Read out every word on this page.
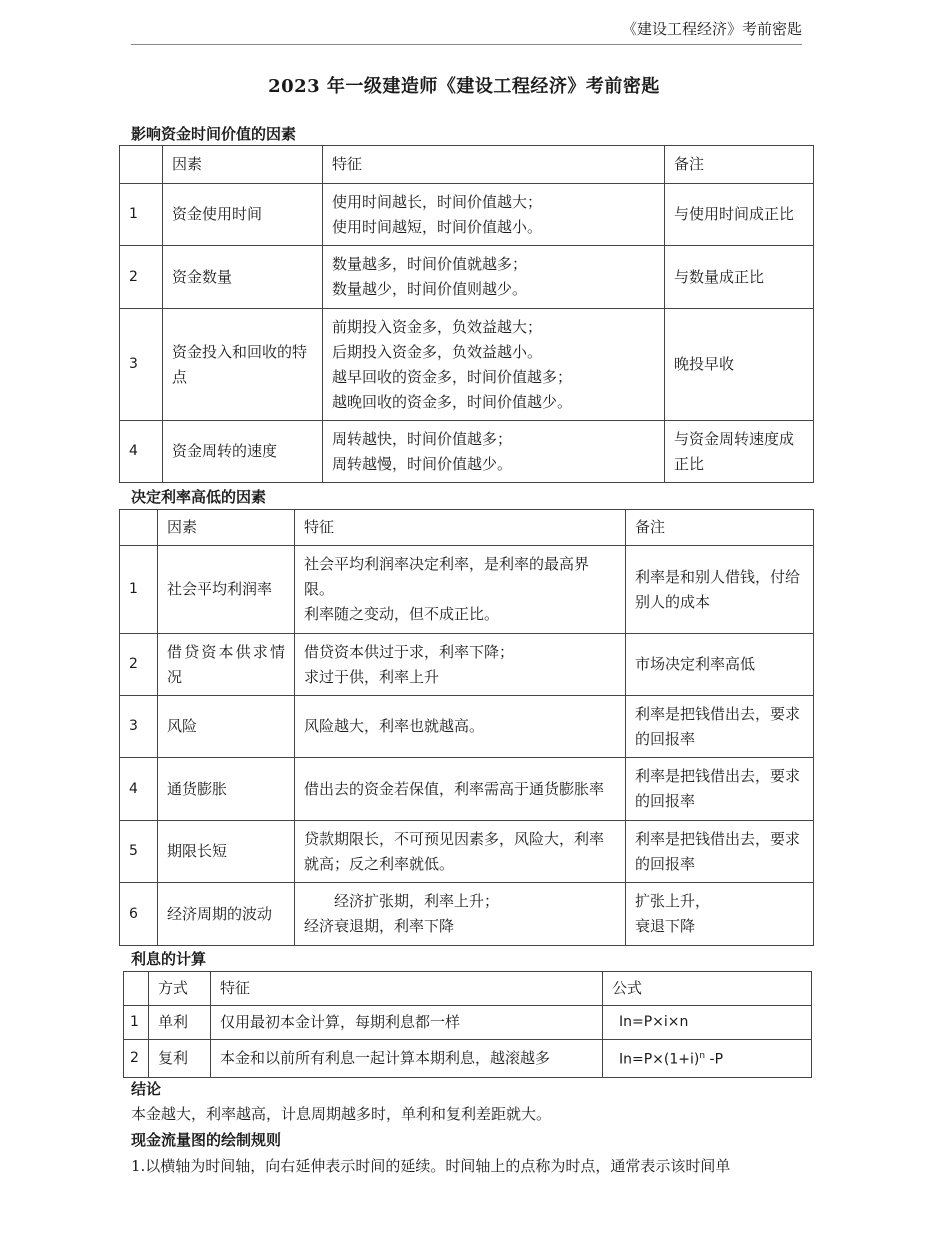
《建设工程经济》考前密匙
2023 年一级建造师《建设工程经济》考前密匙
影响资金时间价值的因素
	因素	特征	备注
1	资金使用时间	使用时间越长，时间价值越大；
使用时间越短，时间价值越小。	与使用时间成正比
2	资金数量	数量越多，时间价值就越多；
数量越少，时间价值则越少。	与数量成正比
3	资金投入和回收的特点	前期投入资金多，负效益越大；
后期投入资金多，负效益越小。
越早回收的资金多，时间价值越多；
越晚回收的资金多，时间价值越少。	晚投早收
4	资金周转的速度	周转越快，时间价值越多；
周转越慢，时间价值越少。	与资金周转速度成正比
决定利率高低的因素
	因素	特征	备注
1	社会平均利润率	社会平均利润率决定利率，是利率的最高界限。
利率随之变动，但不成正比。	利率是和别人借钱，付给别人的成本
2	借贷资本供求情况	借贷资本供过于求，利率下降；
求过于供，利率上升	市场决定利率高低
3	风险	风险越大，利率也就越高。	利率是把钱借出去，要求的回报率
4	通货膨胀	借出去的资金若保值，利率需高于通货膨胀率	利率是把钱借出去，要求的回报率
5	期限长短	贷款期限长，不可预见因素多，风险大，利率就高；反之利率就低。	利率是把钱借出去，要求的回报率
6	经济周期的波动	　　经济扩张期，利率上升；
经济衰退期，利率下降	扩张上升，
衰退下降
利息的计算
	方式	特征	公式
1	单利	仅用最初本金计算，每期利息都一样	In=P×i×n
2	复利	本金和以前所有利息一起计算本期利息，越滚越多	$In=P\times(1+i)^n$ -P
结论
本金越大，利率越高，计息周期越多时，单利和复利差距就大。
现金流量图的绘制规则
1.以横轴为时间轴，向右延伸表示时间的延续。时间轴上的点称为时点，通常表示该时间单
